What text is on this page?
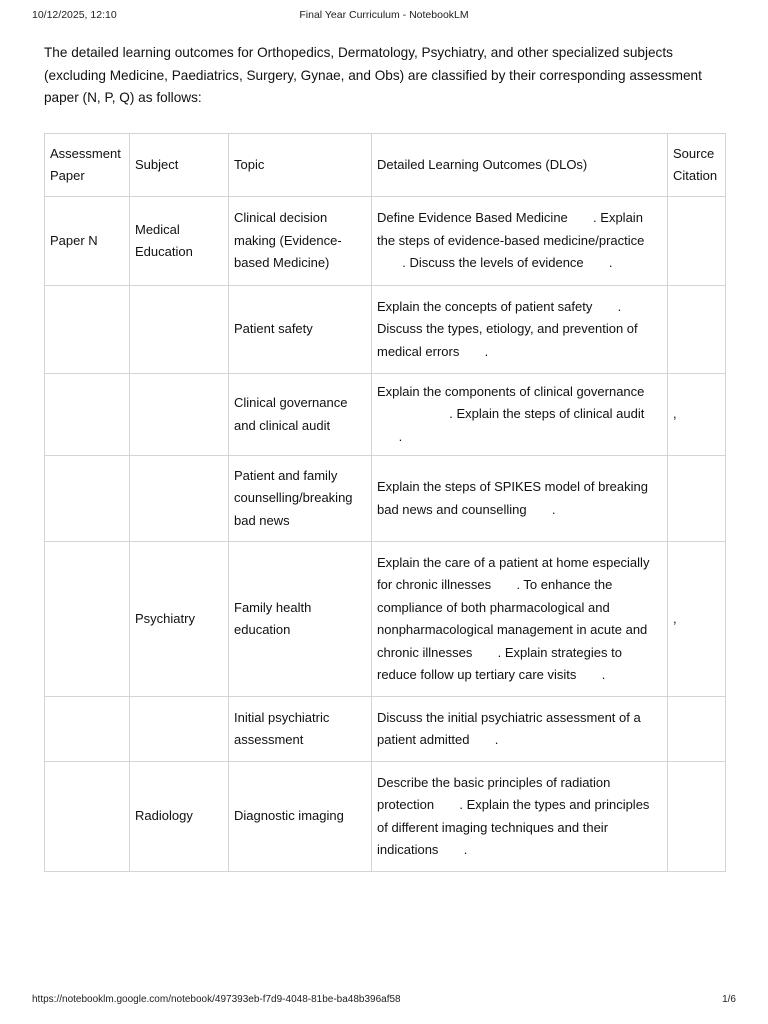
10/12/2025, 12:10	Final Year Curriculum - NotebookLM

The detailed learning outcomes for Orthopedics, Dermatology, Psychiatry, and other specialized subjects (excluding Medicine, Paediatrics, Surgery, Gynae, and Obs) are classified by their corresponding assessment paper (N, P, Q) as follows:

Assessment Paper	Subject	Topic	Detailed Learning Outcomes (DLOs)	Source Citation
Paper N	Medical Education	Clinical decision making (Evidence-based Medicine)	Define Evidence Based Medicine       . Explain the steps of evidence-based medicine/practice        . Discuss the levels of evidence       .	
		Patient safety	Explain the concepts of patient safety       . Discuss the types, etiology, and prevention of medical errors       .	
		Clinical governance and clinical audit	Explain the components of clinical governance                     . Explain the steps of clinical audit       .	,
		Patient and family counselling/breaking bad news	Explain the steps of SPIKES model of breaking bad news and counselling       .	
	Psychiatry	Family health education	Explain the care of a patient at home especially for chronic illnesses       . To enhance the compliance of both pharmacological and nonpharmacological management in acute and chronic illnesses       . Explain strategies to reduce follow up tertiary care visits       .	,
		Initial psychiatric assessment	Discuss the initial psychiatric assessment of a patient admitted       .	
	Radiology	Diagnostic imaging	Describe the basic principles of radiation protection       . Explain the types and principles of different imaging techniques and their indications       .	
https://notebooklm.google.com/notebook/497393eb-f7d9-4048-81be-ba48b396af58	1/6
